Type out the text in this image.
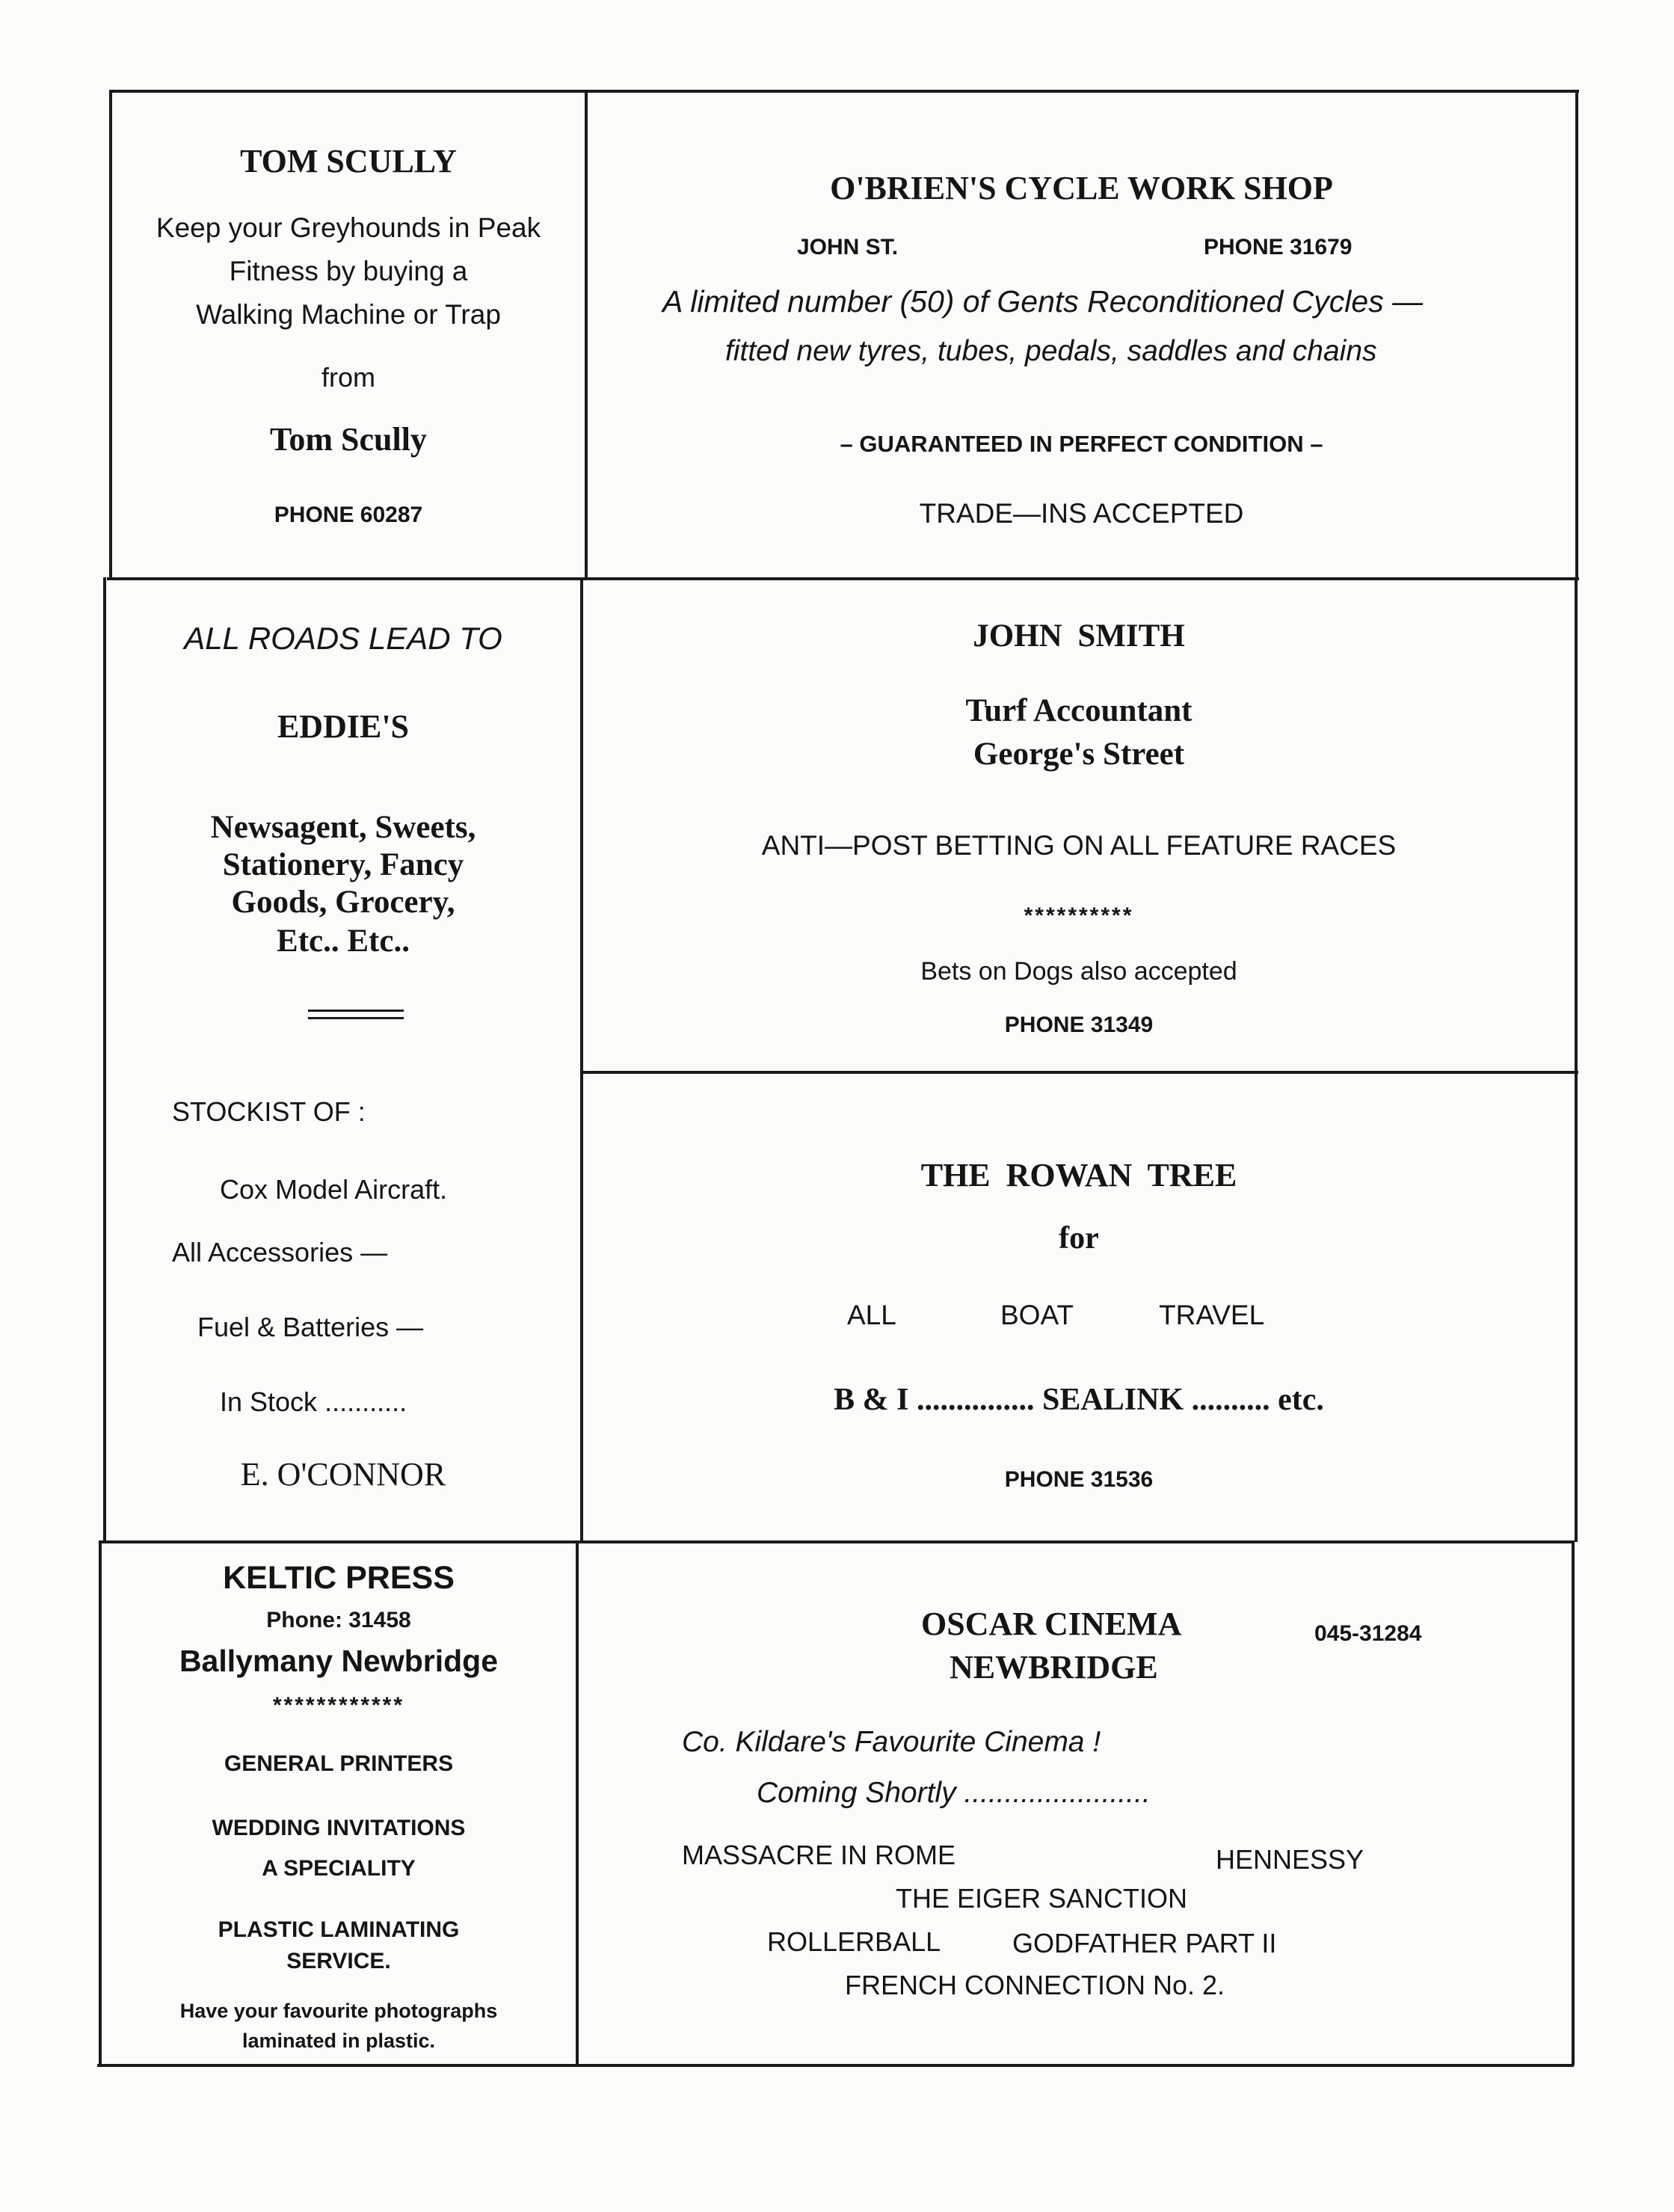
TOM SCULLY
Keep your Greyhounds in Peak
Fitness by buying a
Walking Machine or Trap
from
Tom Scully
PHONE 60287
O'BRIEN'S CYCLE WORK SHOP
JOHN ST.	PHONE 31679
A limited number (50) of Gents Reconditioned Cycles —
fitted new tyres, tubes, pedals, saddles and chains
– GUARANTEED IN PERFECT CONDITION –
TRADE—INS ACCEPTED
ALL ROADS LEAD TO
EDDIE'S
Newsagent, Sweets,
Stationery, Fancy
Goods, Grocery,
Etc.. Etc..
STOCKIST OF :
Cox Model Aircraft.
All Accessories —
Fuel & Batteries —
In Stock ...........
E. O'CONNOR
JOHN SMITH
Turf Accountant
George's Street
ANTI—POST BETTING ON ALL FEATURE RACES
**********
Bets on Dogs also accepted
PHONE 31349
THE ROWAN TREE
for
ALL	BOAT	TRAVEL
B & I ............... SEALINK .......... etc.
PHONE 31536
KELTIC PRESS
Phone: 31458
Ballymany Newbridge
************
GENERAL PRINTERS
WEDDING INVITATIONS
A SPECIALITY
PLASTIC LAMINATING
SERVICE.
Have your favourite photographs
laminated in plastic.
OSCAR CINEMA
NEWBRIDGE
045-31284
Co. Kildare's Favourite Cinema !
Coming Shortly .......................
MASSACRE IN ROME	HENNESSY
THE EIGER SANCTION
ROLLERBALL	GODFATHER PART II
FRENCH CONNECTION No. 2.
